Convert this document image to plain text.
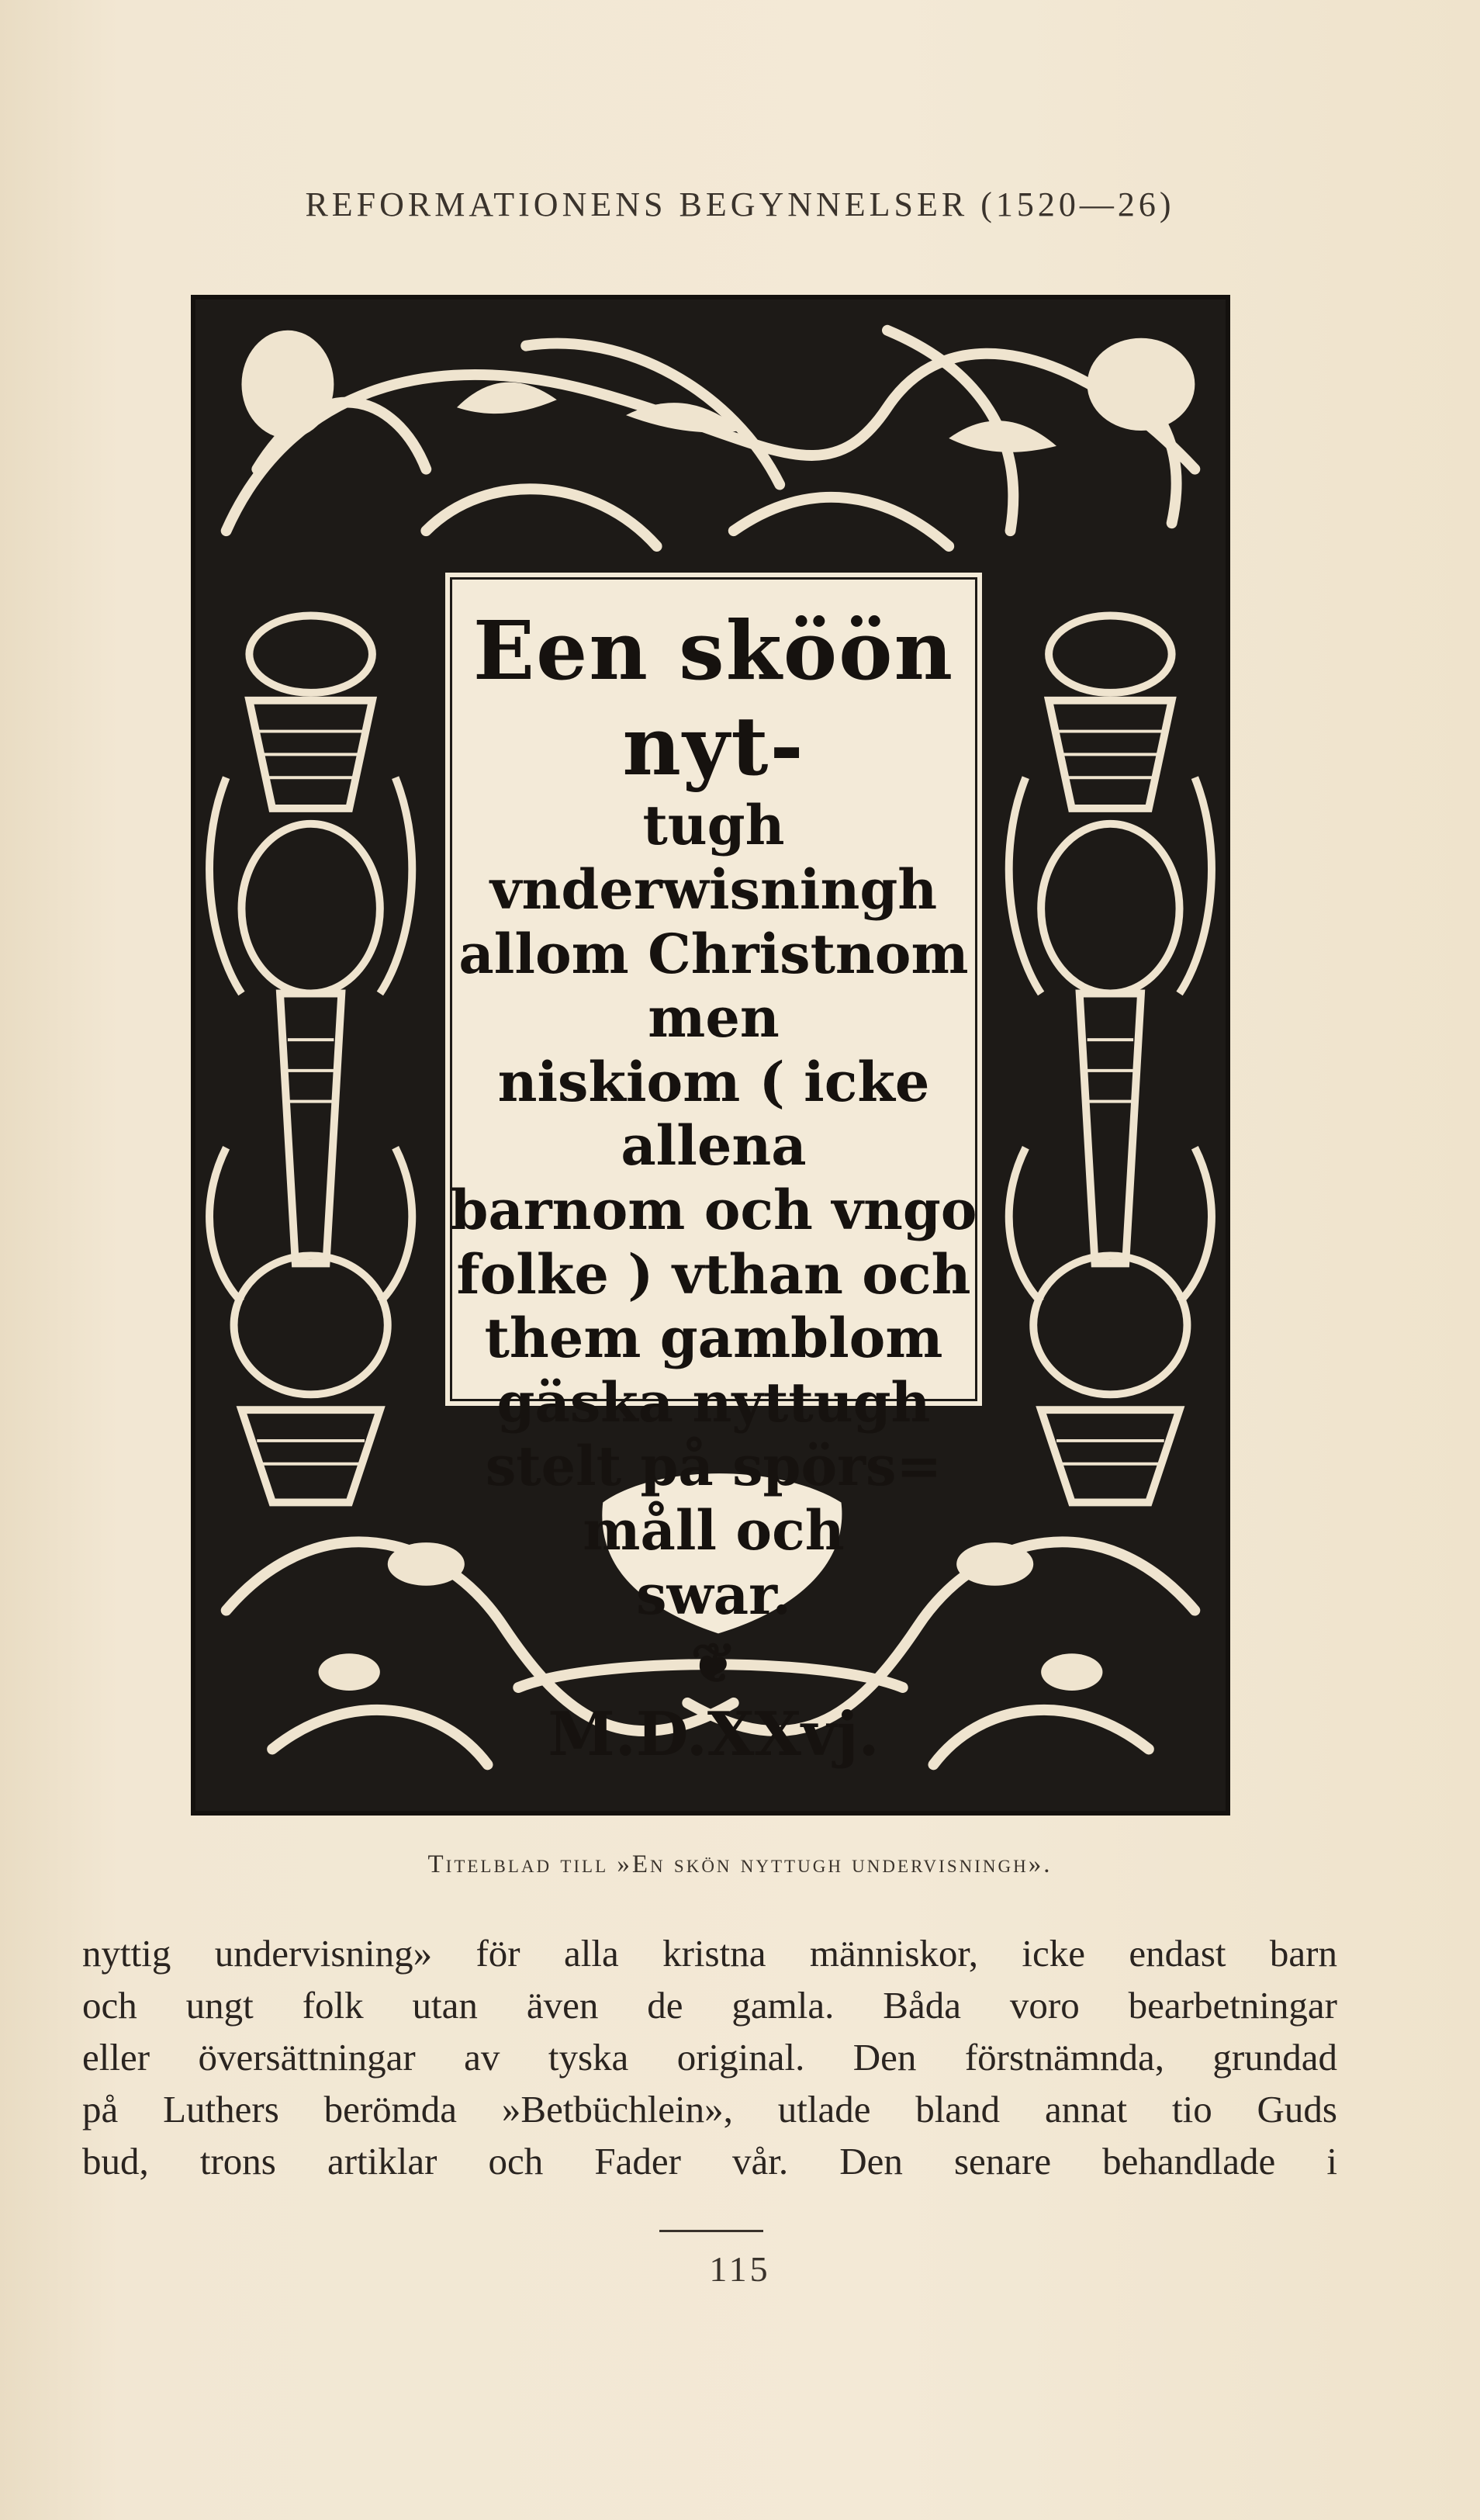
REFORMATIONENS BEGYNNELSER (1520—26)
Een sköön nyt-
tugh vnderwisningh
allom Christnom men
niskiom ( icke allena
barnom och vngo
folke ) vthan och
them gamblom
gäska nyttugh
stelt på spörs=
måll och
swar.
❦
M.D.XXvj.
Titelblad till »En skön nyttugh undervisningh».
nyttig undervisning» för alla kristna människor, icke endast barn
och ungt folk utan även de gamla. Båda voro bearbetningar
eller översättningar av tyska original. Den förstnämnda, grundad
på Luthers berömda »Betbüchlein», utlade bland annat tio Guds
bud, trons artiklar och Fader vår. Den senare behandlade i
115
